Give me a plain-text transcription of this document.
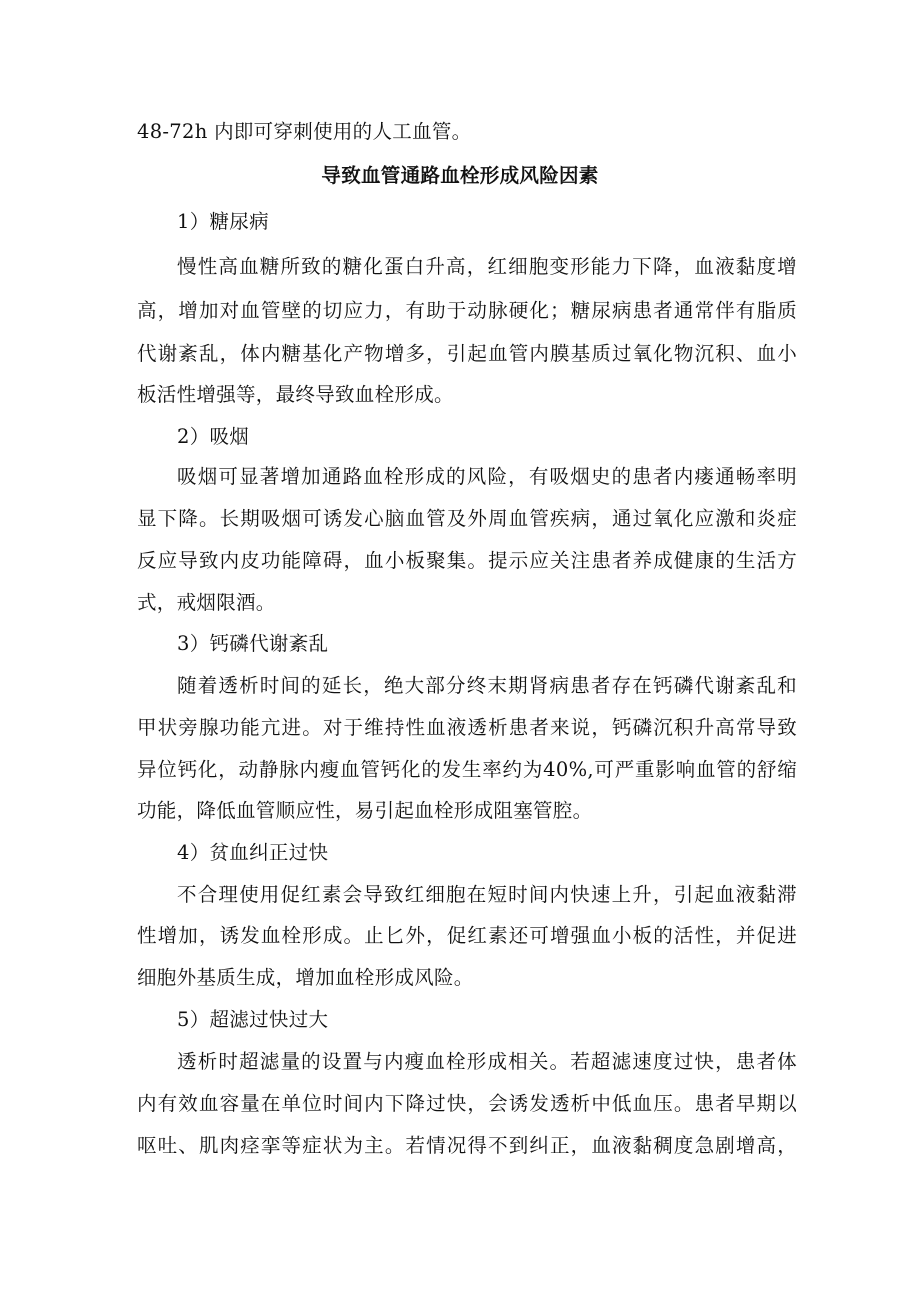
48-72h 内即可穿刺使用的人工血管。
导致血管通路血栓形成风险因素
1）糖尿病
慢性高血糖所致的糖化蛋白升高，红细胞变形能力下降，血液黏度增
高，增加对血管壁的切应力，有助于动脉硬化；糖尿病患者通常伴有脂质
代谢紊乱，体内糖基化产物增多，引起血管内膜基质过氧化物沉积、血小
板活性增强等，最终导致血栓形成。
2）吸烟
吸烟可显著增加通路血栓形成的风险，有吸烟史的患者内瘘通畅率明
显下降。长期吸烟可诱发心脑血管及外周血管疾病，通过氧化应激和炎症
反应导致内皮功能障碍，血小板聚集。提示应关注患者养成健康的生活方
式，戒烟限酒。
3）钙磷代谢紊乱
随着透析时间的延长，绝大部分终末期肾病患者存在钙磷代谢紊乱和
甲状旁腺功能亢进。对于维持性血液透析患者来说，钙磷沉积升高常导致
异位钙化，动静脉内瘦血管钙化的发生率约为40%,可严重影响血管的舒缩
功能，降低血管顺应性，易引起血栓形成阻塞管腔。
4）贫血纠正过快
不合理使用促红素会导致红细胞在短时间内快速上升，引起血液黏滞
性增加，诱发血栓形成。止匕外，促红素还可增强血小板的活性，并促进
细胞外基质生成，增加血栓形成风险。
5）超滤过快过大
透析时超滤量的设置与内瘦血栓形成相关。若超滤速度过快，患者体
内有效血容量在单位时间内下降过快，会诱发透析中低血压。患者早期以
呕吐、肌肉痉挛等症状为主。若情况得不到纠正，血液黏稠度急剧增高，
